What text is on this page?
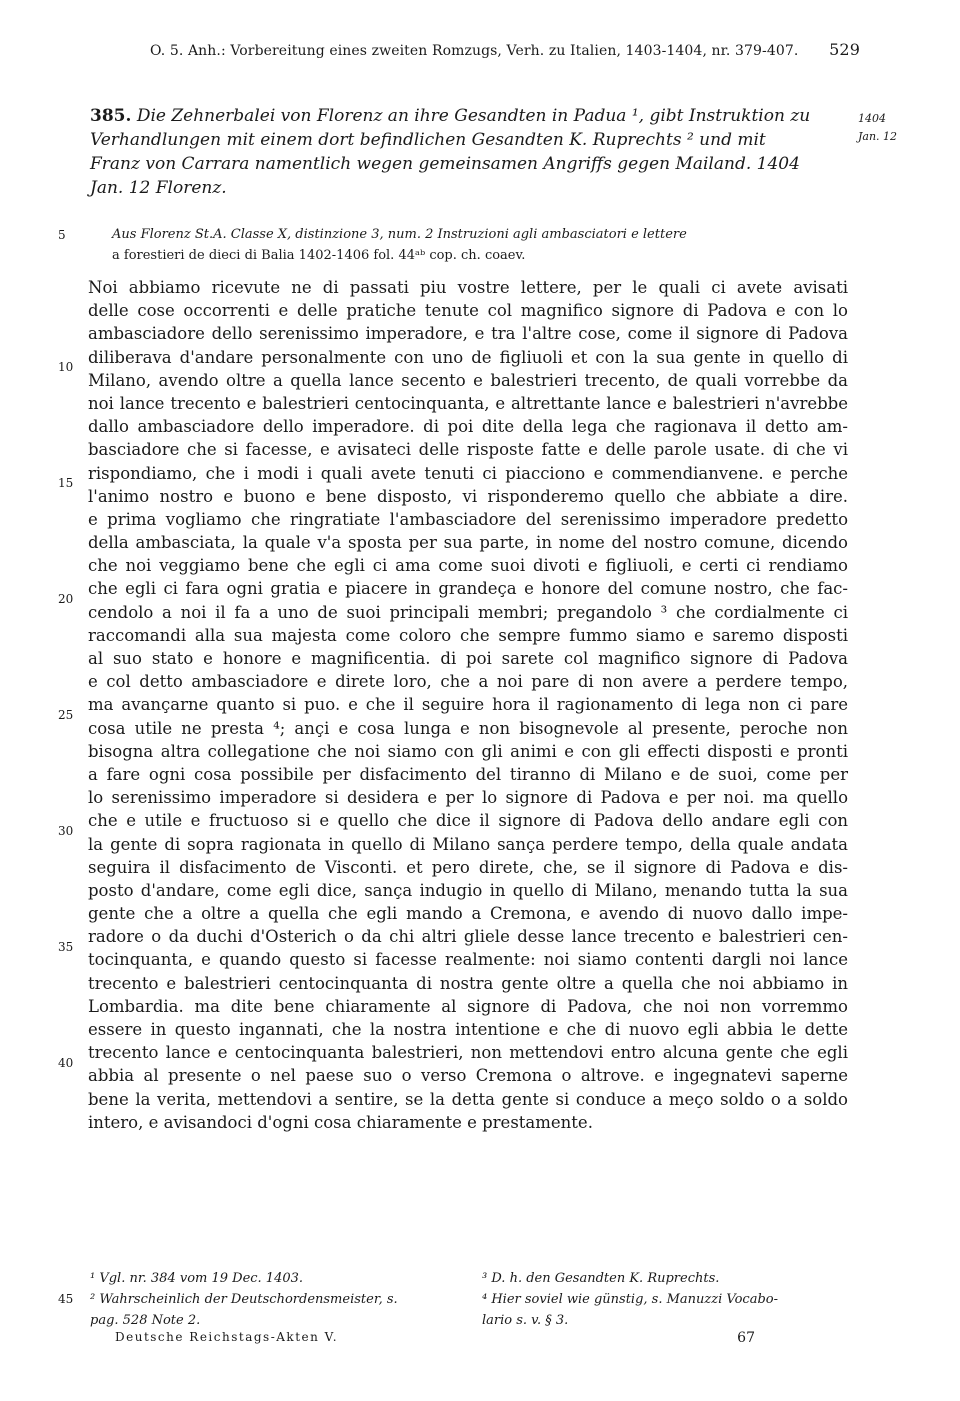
O. 5. Anh.: Vorbereitung eines zweiten Romzugs, Verh. zu Italien, 1403-1404, nr. 379-407. 529
385. Die Zehnerbalei von Florenz an ihre Gesandten in Padua ¹, gibt Instruktion zu
Verhandlungen mit einem dort befindlichen Gesandten K. Ruprechts ² und mit
Franz von Carrara namentlich wegen gemeinsamen Angriffs gegen Mailand. 1404
Jan. 12 Florenz.
1404
Jan. 12
5	Aus Florenz St.A. Classe X, distinzione 3, num. 2 Instruzioni agli ambasciatori e lettere
a forestieri de dieci di Balia 1402-1406 fol. 44ᵃᵇ cop. ch. coaev.
10
15
20
25
30
35
40
45
Noi abbiamo ricevute ne di passati piu vostre lettere, per le quali ci avete avisati
delle cose occorrenti e delle pratiche tenute col magnifico signore di Padova e con lo
ambasciadore dello serenissimo imperadore, e tra l'altre cose, come il signore di Padova
diliberava d'andare personalmente con uno de figliuoli et con la sua gente in quello di
Milano, avendo oltre a quella lance secento e balestrieri trecento, de quali vorrebbe da
noi lance trecento e balestrieri centocinquanta, e altrettante lance e balestrieri n'avrebbe
dallo ambasciadore dello imperadore. di poi dite della lega che ragionava il detto am-
basciadore che si facesse, e avisateci delle risposte fatte e delle parole usate. di che vi
rispondiamo, che i modi i quali avete tenuti ci piacciono e commendianvene. e perche
l'animo nostro e buono e bene disposto, vi risponderemo quello che abbiate a dire.
e prima vogliamo che ringratiate l'ambasciadore del serenissimo imperadore predetto
della ambasciata, la quale v'a sposta per sua parte, in nome del nostro comune, dicendo
che noi veggiamo bene che egli ci ama come suoi divoti e figliuoli, e certi ci rendiamo
che egli ci fara ogni gratia e piacere in grandeça e honore del comune nostro, che fac-
cendolo a noi il fa a uno de suoi principali membri; pregandolo ³ che cordialmente ci
raccomandi alla sua majesta come coloro che sempre fummo siamo e saremo disposti
al suo stato e honore e magnificentia. di poi sarete col magnifico signore di Padova
e col detto ambasciadore e direte loro, che a noi pare di non avere a perdere tempo,
ma avançarne quanto si puo. e che il seguire hora il ragionamento di lega non ci pare
cosa utile ne presta ⁴; ançi e cosa lunga e non bisognevole al presente, peroche non
bisogna altra collegatione che noi siamo con gli animi e con gli effecti disposti e pronti
a fare ogni cosa possibile per disfacimento del tiranno di Milano e de suoi, come per
lo serenissimo imperadore si desidera e per lo signore di Padova e per noi. ma quello
che e utile e fructuoso si e quello che dice il signore di Padova dello andare egli con
la gente di sopra ragionata in quello di Milano sança perdere tempo, della quale andata
seguira il disfacimento de Visconti. et pero direte, che, se il signore di Padova e dis-
posto d'andare, come egli dice, sança indugio in quello di Milano, menando tutta la sua
gente che a oltre a quella che egli mando a Cremona, e avendo di nuovo dallo impe-
radore o da duchi d'Osterich o da chi altri gliele desse lance trecento e balestrieri cen-
tocinquanta, e quando questo si facesse realmente: noi siamo contenti dargli noi lance
trecento e balestrieri centocinquanta di nostra gente oltre a quella che noi abbiamo in
Lombardia. ma dite bene chiaramente al signore di Padova, che noi non vorremmo
essere in questo ingannati, che la nostra intentione e che di nuovo egli abbia le dette
trecento lance e centocinquanta balestrieri, non mettendovi entro alcuna gente che egli
abbia al presente o nel paese suo o verso Cremona o altrove. e ingegnatevi saperne
bene la verita, mettendovi a sentire, se la detta gente si conduce a meço soldo o a soldo
intero, e avisandoci d'ogni cosa chiaramente e prestamente.
¹ Vgl. nr. 384 vom 19 Dec. 1403.	³ D. h. den Gesandten K. Ruprechts.
² Wahrscheinlich der Deutschordensmeister, s.	⁴ Hier soviel wie günstig, s. Manuzzi Vocabo-
pag. 528 Note 2.	lario s. v. § 3.
Deutsche Reichstags-Akten V.	67
